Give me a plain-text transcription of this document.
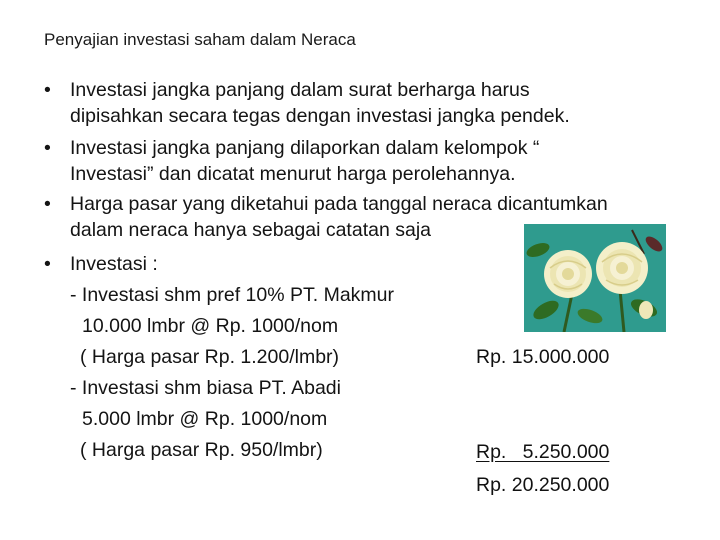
Penyajian investasi saham dalam Neraca
• Investasi jangka panjang dalam surat berharga harus
dipisahkan secara tegas dengan investasi jangka pendek.
• Investasi jangka panjang dilaporkan dalam kelompok “
Investasi” dan dicatat menurut harga perolehannya.
• Harga pasar yang diketahui pada tanggal neraca dicantumkan
dalam neraca hanya sebagai catatan saja
• Investasi :
- Investasi shm pref 10% PT. Makmur
10.000 lmbr @ Rp. 1000/nom
( Harga pasar Rp. 1.200/lmbr)
- Investasi shm biasa PT. Abadi
5.000 lmbr @ Rp. 1000/nom
( Harga pasar Rp. 950/lmbr)
Rp. 15.000.000
Rp.   5.250.000
Rp. 20.250.000
